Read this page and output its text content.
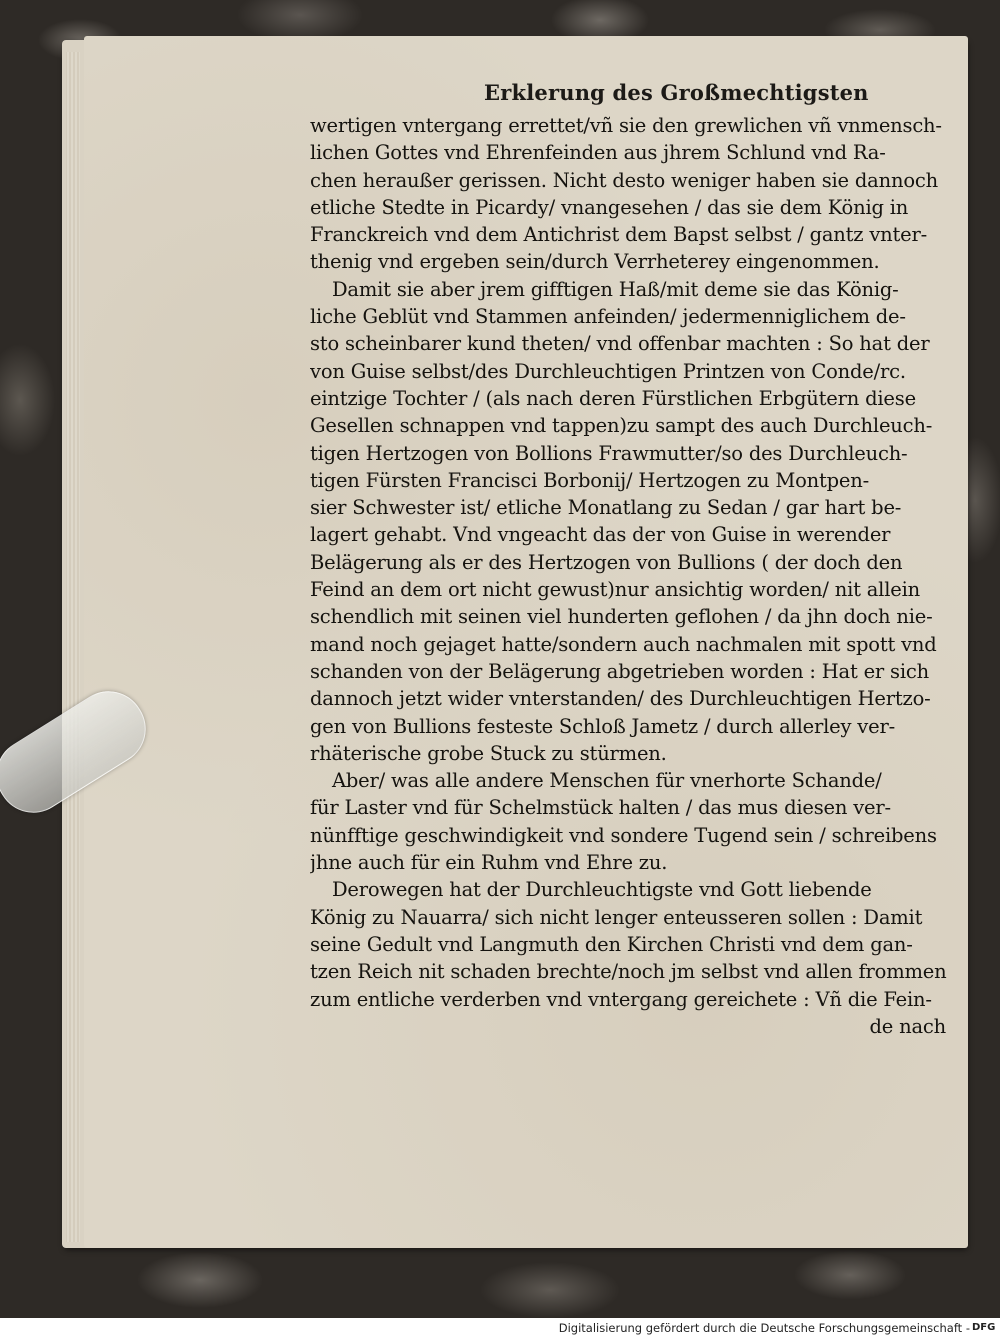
Erklerung des Großmechtigsten
wertigen vntergang errettet/vñ sie den grewlichen vñ vnmensch-
lichen Gottes vnd Ehrenfeinden aus jhrem Schlund vnd Ra-
chen heraußer gerissen. Nicht desto weniger haben sie dannoch
etliche Stedte in Picardy/ vnangesehen / das sie dem König in
Franckreich vnd dem Antichrist dem Bapst selbst / gantz vnter-
thenig vnd ergeben sein/durch Verrheterey eingenommen.
Damit sie aber jrem gifftigen Haß/mit deme sie das König-
liche Geblüt vnd Stammen anfeinden/ jedermenniglichem de-
sto scheinbarer kund theten/ vnd offenbar machten : So hat der
von Guise selbst/des Durchleuchtigen Printzen von Conde/rc.
eintzige Tochter / (als nach deren Fürstlichen Erbgütern diese
Gesellen schnappen vnd tappen)zu sampt des auch Durchleuch-
tigen Hertzogen von Bollions Frawmutter/so des Durchleuch-
tigen Fürsten Francisci Borbonij/ Hertzogen zu Montpen-
sier Schwester ist/ etliche Monatlang zu Sedan / gar hart be-
lagert gehabt. Vnd vngeacht das der von Guise in werender
Belägerung als er des Hertzogen von Bullions ( der doch den
Feind an dem ort nicht gewust)nur ansichtig worden/ nit allein
schendlich mit seinen viel hunderten geflohen / da jhn doch nie-
mand noch gejaget hatte/sondern auch nachmalen mit spott vnd
schanden von der Belägerung abgetrieben worden : Hat er sich
dannoch jetzt wider vnterstanden/ des Durchleuchtigen Hertzo-
gen von Bullions festeste Schloß Jametz / durch allerley ver-
rhäterische grobe Stuck zu stürmen.
Aber/ was alle andere Menschen für vnerhorte Schande/
für Laster vnd für Schelmstück halten / das mus diesen ver-
nünfftige geschwindigkeit vnd sondere Tugend sein / schreibens
jhne auch für ein Ruhm vnd Ehre zu.
Derowegen hat der Durchleuchtigste vnd Gott liebende
König zu Nauarra/ sich nicht lenger enteusseren sollen : Damit
seine Gedult vnd Langmuth den Kirchen Christi vnd dem gan-
tzen Reich nit schaden brechte/noch jm selbst vnd allen frommen
zum entliche verderben vnd vntergang gereichete : Vñ die Fein-
de nach
Digitalisierung gefördert durch die Deutsche Forschungsgemeinschaft - DFG
